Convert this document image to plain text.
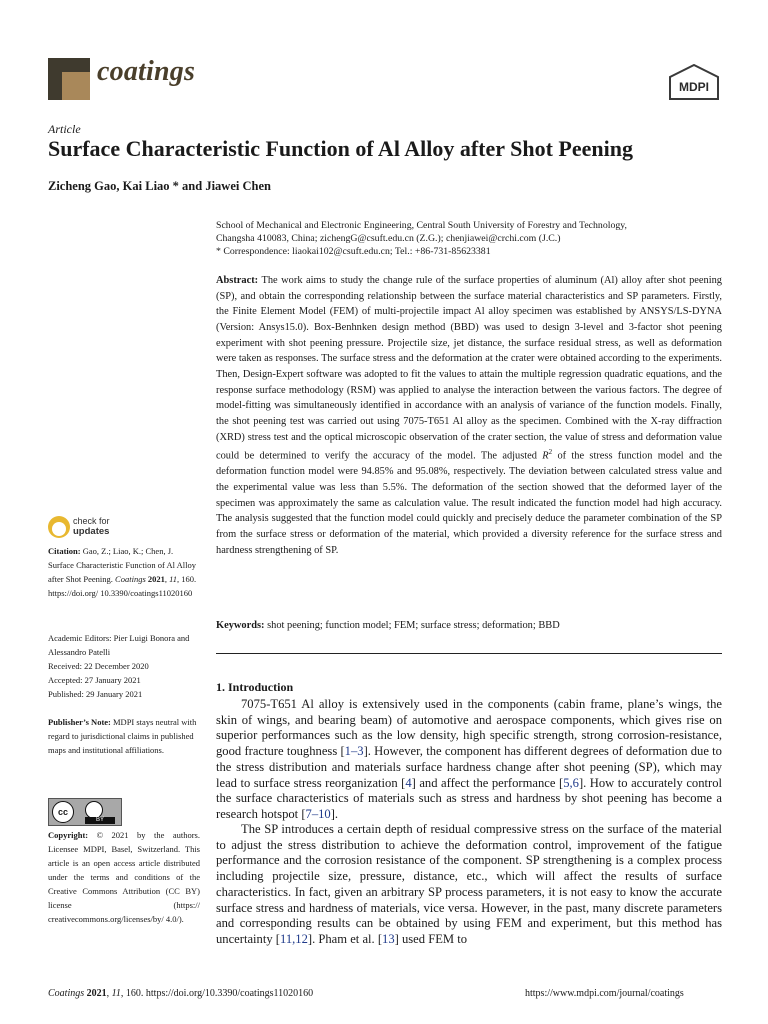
coatings	MDPI
Article
Surface Characteristic Function of Al Alloy after Shot Peening
Zicheng Gao, Kai Liao * and Jiawei Chen
School of Mechanical and Electronic Engineering, Central South University of Forestry and Technology,
Changsha 410083, China; zichengG@csuft.edu.cn (Z.G.); chenjiawei@crchi.com (J.C.)
* Correspondence: liaokai102@csuft.edu.cn; Tel.: +86-731-85623381
Abstract: The work aims to study the change rule of the surface properties of aluminum (Al) alloy after shot peening (SP), and obtain the corresponding relationship between the surface material characteristics and SP parameters. Firstly, the Finite Element Model (FEM) of multi-projectile impact Al alloy specimen was established by ANSYS/LS-DYNA (Version: Ansys15.0). Box-Benhnken design method (BBD) was used to design 3-level and 3-factor shot peening experiment with shot peening pressure. Projectile size, jet distance, the surface residual stress, as well as deformation were taken as responses. The surface stress and the deformation at the crater were obtained according to the experiments. Then, Design-Expert software was adopted to fit the values to attain the multiple regression quadratic equations, and the response surface methodology (RSM) was applied to analyse the interaction between the various factors. The degree of model-fitting was simultaneously identified in accordance with an analysis of variance of the function models. Finally, the shot peening test was carried out using 7075-T651 Al alloy as the specimen. Combined with the X-ray diffraction (XRD) stress test and the optical microscopic observation of the crater section, the value of stress and deformation value could be determined to verify the accuracy of the model. The adjusted $R^2$ of the stress function model and the deformation function model were 94.85% and 95.08%, respectively. The deviation between calculated stress value and the experimental value was less than 5.5%. The deformation of the section showed that the deformed layer of the specimen was approximately the same as calculation value. The result indicated the function model had high accuracy. The analysis suggested that the function model could quickly and precisely deduce the parameter combination of the SP from the surface stress or deformation of the material, which provided a diversity reference for the surface stress and hardness strengthening of SP.
Keywords: shot peening; function model; FEM; surface stress; deformation; BBD
check for
updates
Citation: Gao, Z.; Liao, K.; Chen, J. Surface Characteristic Function of Al Alloy after Shot Peening. Coatings 2021, 11, 160. https://doi.org/ 10.3390/coatings11020160
Academic Editors: Pier Luigi Bonora and Alessandro Patelli
Received: 22 December 2020
Accepted: 27 January 2021
Published: 29 January 2021
Publisher’s Note: MDPI stays neutral with regard to jurisdictional claims in published maps and institutional affiliations.
cc
BY
Copyright: © 2021 by the authors. Licensee MDPI, Basel, Switzerland. This article is an open access article distributed under the terms and conditions of the Creative Commons Attribution (CC BY) license (https:// creativecommons.org/licenses/by/ 4.0/).
1. Introduction
7075-T651 Al alloy is extensively used in the components (cabin frame, plane’s wings, the skin of wings, and bearing beam) of automotive and aerospace components, which gives rise on superior performances such as the low density, high specific strength, strong corrosion-resistance, good fracture toughness [1–3]. However, the component has different degrees of deformation due to the stress distribution and materials surface hardness change after shot peening (SP), which may lead to surface stress reorganization [4] and affect the performance [5,6]. How to accurately control the surface characteristics of materials such as stress and hardness by shot peening has become a research hotspot [7–10].
The SP introduces a certain depth of residual compressive stress on the surface of the material to adjust the stress distribution to achieve the deformation control, improvement of the fatigue performance and the corrosion resistance of the component. SP strengthening is a complex process including projectile size, pressure, distance, etc., which will affect the results of surface characteristics. In fact, given an arbitrary SP process parameters, it is not easy to know the accurate surface stress and hardness of materials, vice versa. However, in the past, many discrete parameters and corresponding results can be obtained by using FEM and experiment, but this method has uncertainty [11,12]. Pham et al. [13] used FEM to
Coatings 2021, 11, 160. https://doi.org/10.3390/coatings11020160	https://www.mdpi.com/journal/coatings
